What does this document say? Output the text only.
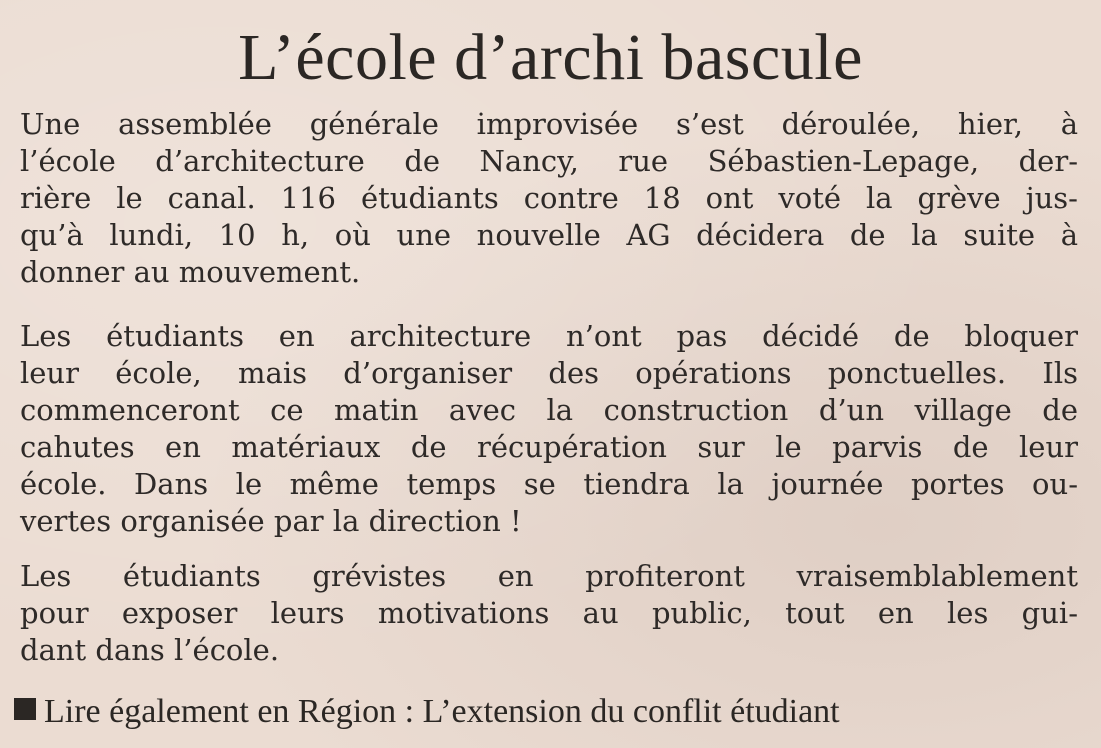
L’école d’archi bascule
Une assemblée générale improvisée s’est déroulée, hier, à
l’école d’architecture de Nancy, rue Sébastien-Lepage, der-
rière le canal. 116 étudiants contre 18 ont voté la grève jus-
qu’à lundi, 10 h, où une nouvelle AG décidera de la suite à
donner au mouvement.
Les étudiants en architecture n’ont pas décidé de bloquer
leur école, mais d’organiser des opérations ponctuelles. Ils
commenceront ce matin avec la construction d’un village de
cahutes en matériaux de récupération sur le parvis de leur
école. Dans le même temps se tiendra la journée portes ou-
vertes organisée par la direction !
Les étudiants grévistes en profiteront vraisemblablement
pour exposer leurs motivations au public, tout en les gui-
dant dans l’école.
Lire également en Région : L’extension du conflit étudiant
